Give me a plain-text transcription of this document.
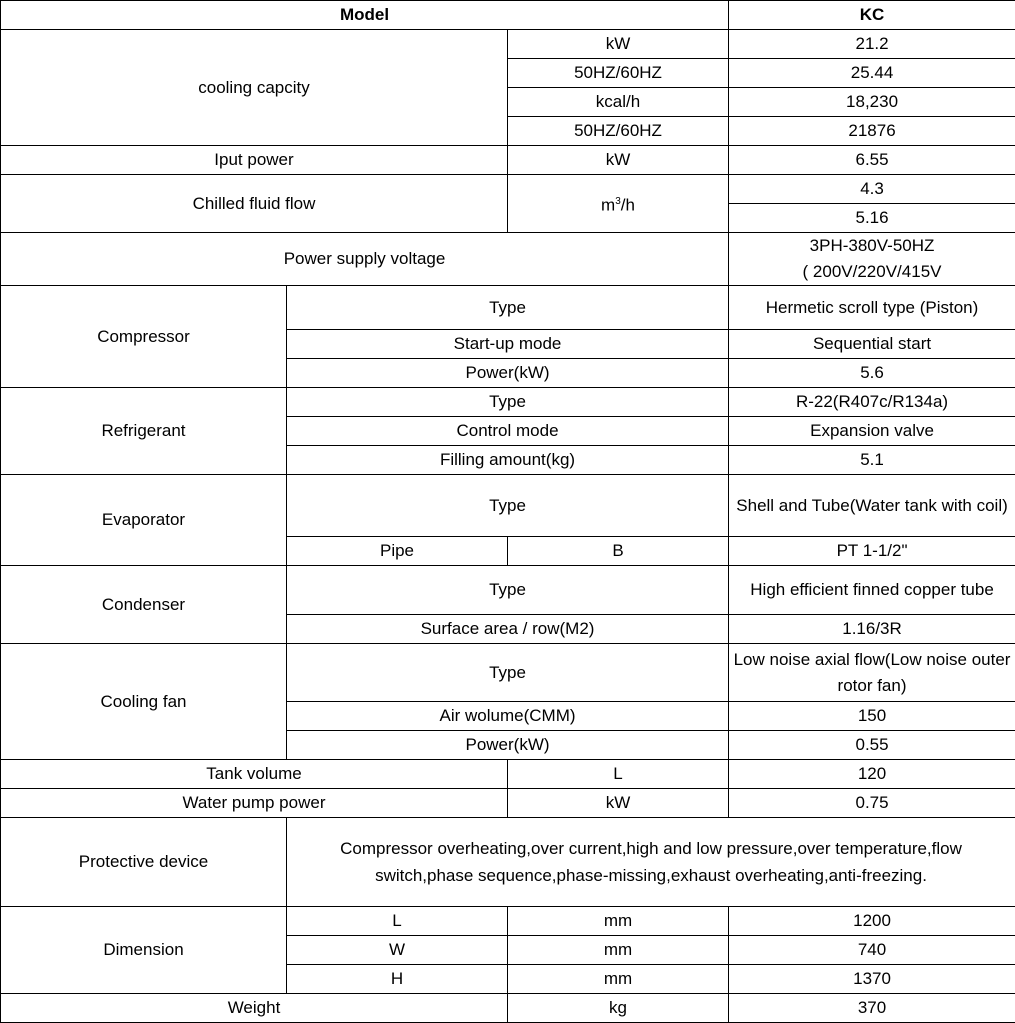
Model			KC
cooling capcity		kW	21.2
		50HZ/60HZ	25.44
		kcal/h	18,230
		50HZ/60HZ	21876
Iput power		kW	6.55
Chilled fluid flow		$m^3/h$	4.3
			5.16
Power supply voltage			3PH-380V-50HZ
( 200V/220V/415V

Compressor	Type		Hermetic scroll type (Piston)
	Start-up mode		Sequential start
	Power(kW)		5.6
Refrigerant	Type		R-22(R407c/R134a)
	Control mode		Expansion valve
	Filling amount(kg)		5.1
Evaporator	Type		Shell and Tube(Water tank with coil)
	Pipe	B	PT 1-1/2"
Condenser	Type		High efficient finned copper tube
	Surface area / row(M2)		1.16/3R
Cooling fan	Type		Low noise axial flow(Low noise outer rotor fan)
	Air wolume(CMM)		150
	Power(kW)		0.55
Tank volume		L	120
Water pump power		kW	0.75
Protective device	Compressor overheating,over current,high and low pressure,over temperature,flow switch,phase sequence,phase-missing,exhaust overheating,anti-freezing.		
Dimension	L	mm	1200
	W	mm	740
	H	mm	1370
Weight		kg	370
